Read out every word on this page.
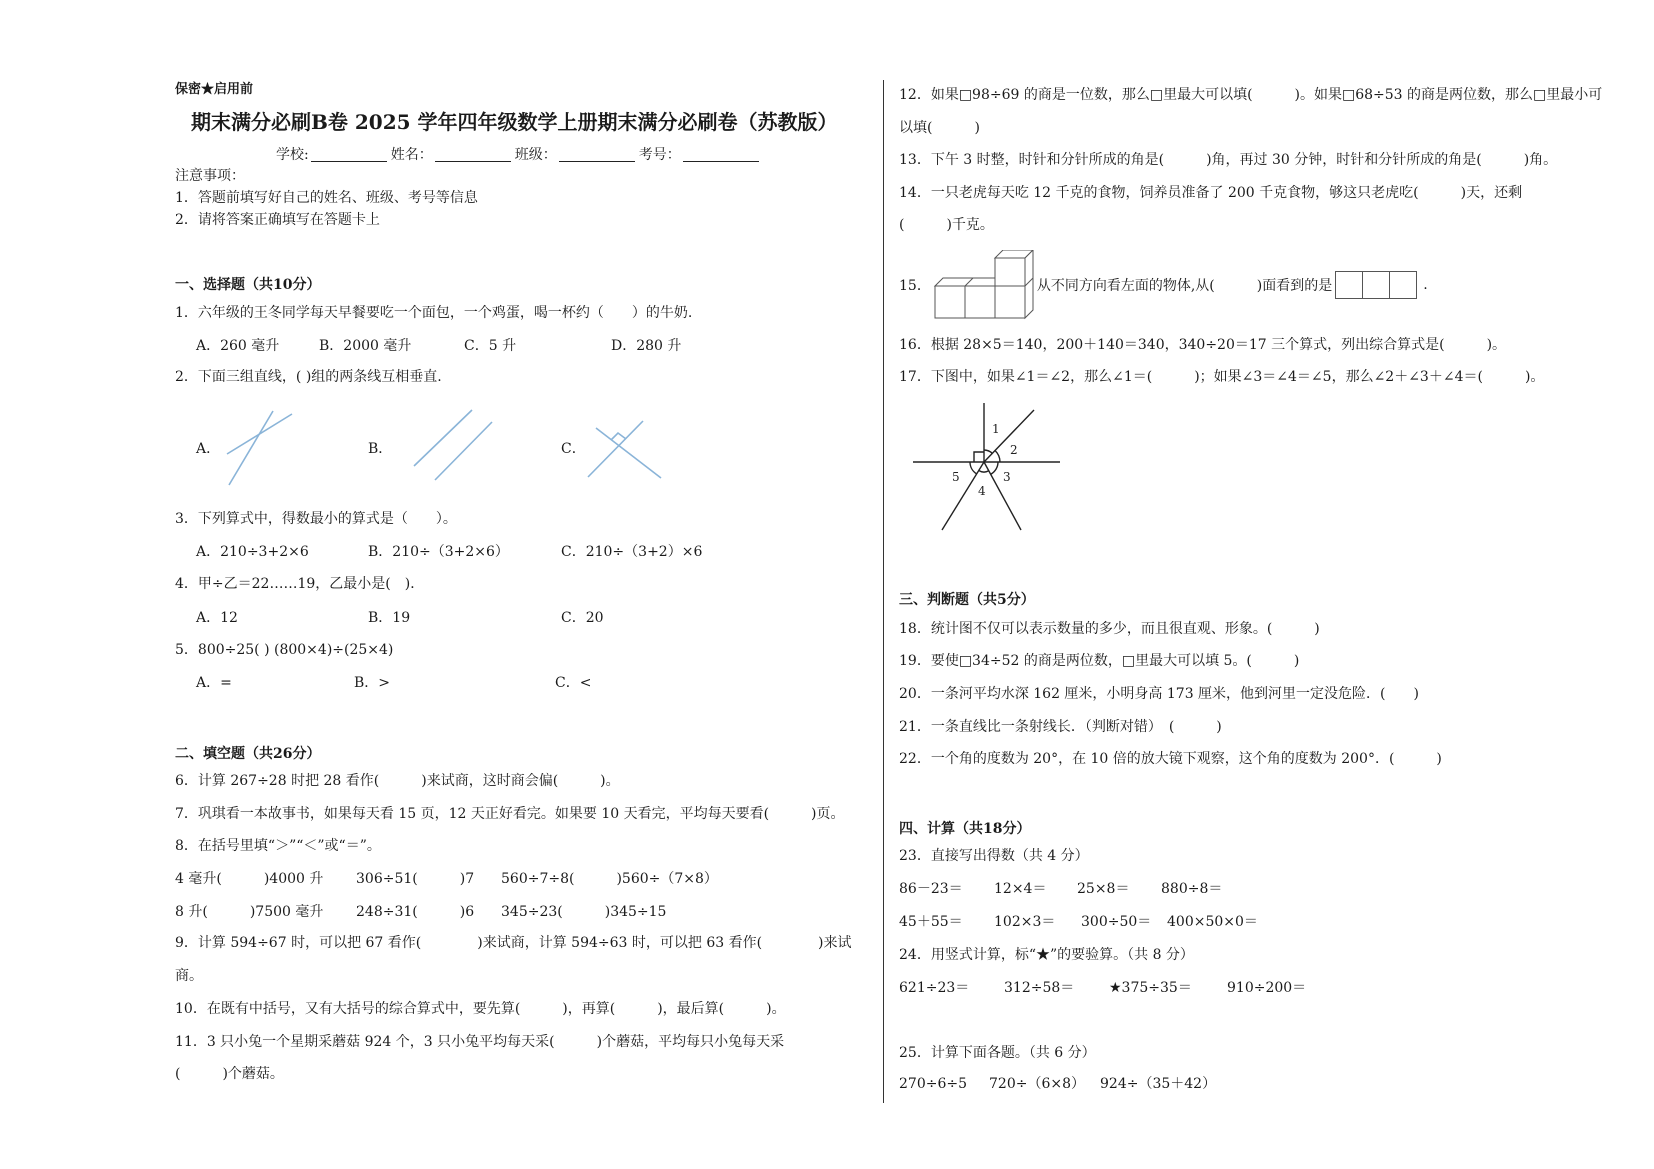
保密★启用前
期末满分必刷B卷 2025 学年四年级数学上册期末满分必刷卷（苏教版）
学校:	姓名：	班级：	考号：
注意事项：
1．答题前填写好自己的姓名、班级、考号等信息
2．请将答案正确填写在答题卡上
一、选择题（共10分）
1．六年级的王冬同学每天早餐要吃一个面包，一个鸡蛋，喝一杯约（　　）的牛奶.
A．260 毫升	B．2000 毫升	C．5 升	D．280 升
2．下面三组直线，( )组的两条线互相垂直.
A．	B．	C．
3．下列算式中，得数最小的算式是（　　）。
A．210÷3+2×6	B．210÷（3+2×6）	C．210÷（3+2）×6
4．甲÷乙＝22……19，乙最小是(　)．
A．12	B．19	C．20
5．800÷25( ) (800×4)÷(25×4)
A．=	B．>	C．<
二、填空题（共26分）
6．计算 267÷28 时把 28 看作(　　　)来试商，这时商会偏(　　　)。
7．巩琪看一本故事书，如果每天看 15 页，12 天正好看完。如果要 10 天看完，平均每天要看(　　　)页。
8．在括号里填“＞”“＜”或“＝”。
4 毫升(　　　)4000 升 306÷51(　　　)7 560÷7÷8(　　　)560÷（7×8）
8 升(　　　)7500 毫升 248÷31(　　　)6 345÷23(　　　)345÷15
9．计算 594÷67 时，可以把 67 看作(　　　　)来试商，计算 594÷63 时，可以把 63 看作(　　　　)来试
商。
10．在既有中括号，又有大括号的综合算式中，要先算(　　　)，再算(　　　)，最后算(　　　)。
11．3 只小兔一个星期采蘑菇 924 个，3 只小兔平均每天采(　　　)个蘑菇，平均每只小兔每天采
(　　　)个蘑菇。
12．如果□98÷69 的商是一位数，那么□里最大可以填(　　　)。如果□68÷53 的商是两位数，那么□里最小可
以填(　　　)
13．下午 3 时整，时针和分针所成的角是(　　　)角，再过 30 分钟，时针和分针所成的角是(　　　)角。
14．一只老虎每天吃 12 千克的食物，饲养员准备了 200 千克食物，够这只老虎吃(　　　)天，还剩
(　　　)千克。
15．	从不同方向看左面的物体,从(　　　)面看到的是	.
16．根据 28×5＝140，200＋140＝340，340÷20＝17 三个算式，列出综合算式是(　　　)。
17．下图中，如果∠1＝∠2，那么∠1＝(　　　)；如果∠3＝∠4＝∠5，那么∠2＋∠3＋∠4＝(　　　)。
1
2
3
4
5
三、判断题（共5分）
18．统计图不仅可以表示数量的多少，而且很直观、形象。(　　　)
19．要使□34÷52 的商是两位数，□里最大可以填 5。(　　　)
20．一条河平均水深 162 厘米，小明身高 173 厘米，他到河里一定没危险．(　　)
21．一条直线比一条射线长．（判断对错）　(　　　)
22．一个角的度数为 20°，在 10 倍的放大镜下观察，这个角的度数为 200°．(　　　)
四、计算（共18分）
23．直接写出得数（共 4 分）
86－23＝ 12×4＝ 25×8＝ 880÷8＝
45＋55＝ 102×3＝ 300÷50＝ 400×50×0＝
24．用竖式计算，标“★”的要验算。（共 8 分）
621÷23＝ 312÷58＝ ★375÷35＝	910÷200＝
25．计算下面各题。（共 6 分）
270÷6÷5 720÷（6×8） 924÷（35＋42）
